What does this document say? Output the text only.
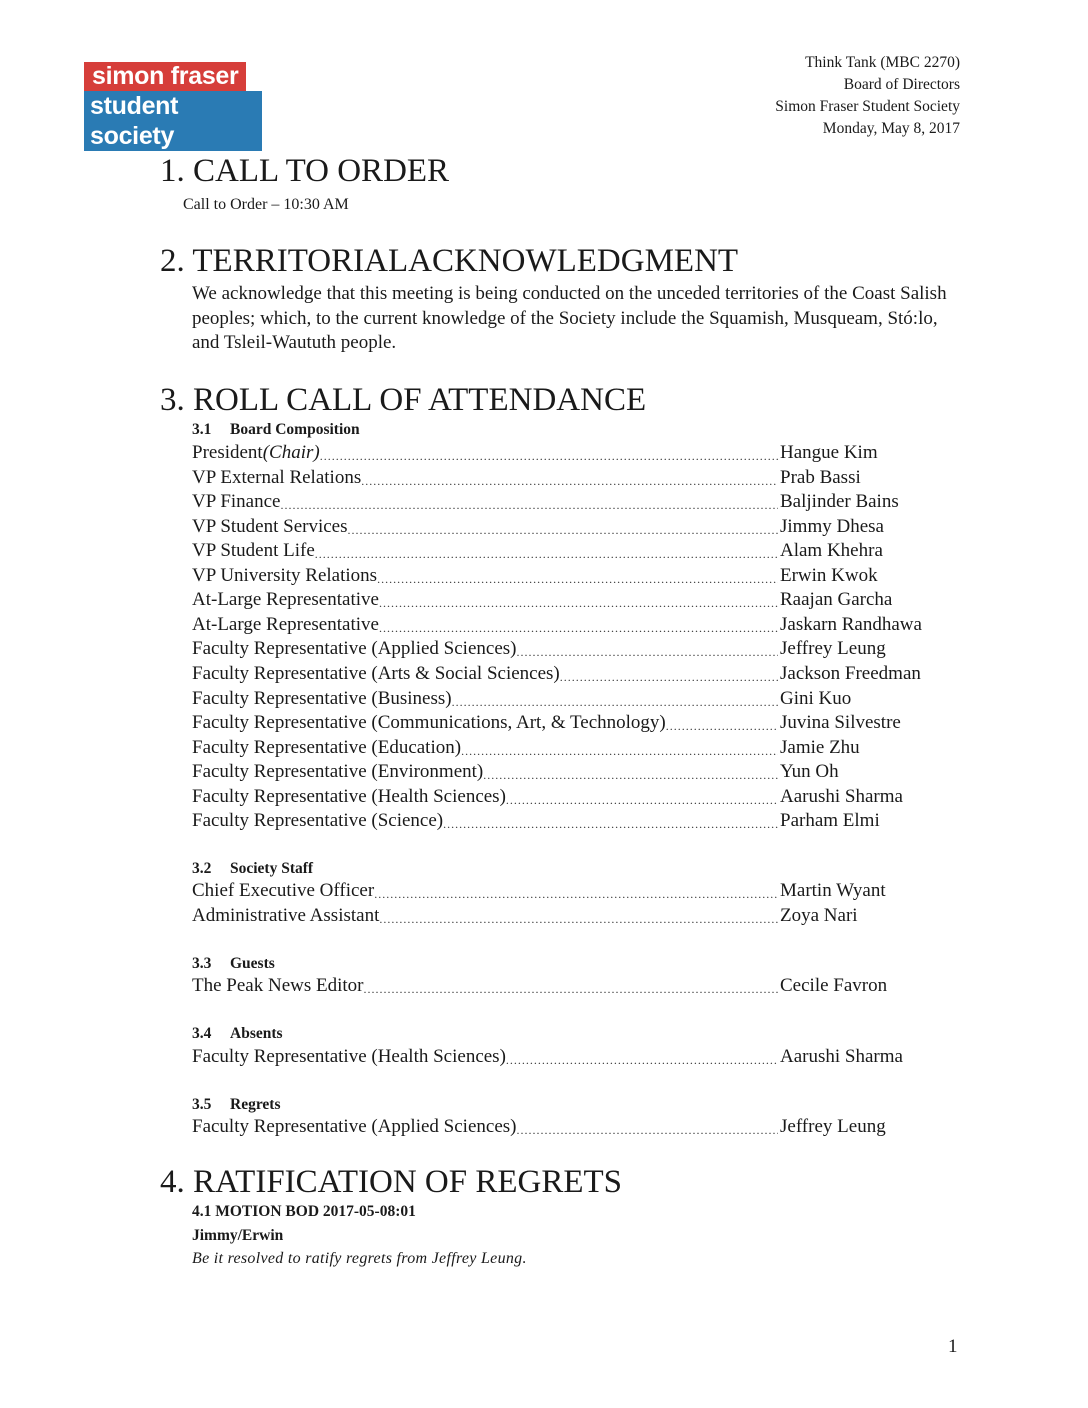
simon fraser
student society
Think Tank (MBC 2270)
Board of Directors
Simon Fraser Student Society
Monday, May 8, 2017
1. CALL TO ORDER
Call to Order – 10:30 AM
2. TERRITORIALACKNOWLEDGMENT
We acknowledge that this meeting is being conducted on the unceded territories of the Coast Salish peoples; which, to the current knowledge of the Society include the Squamish, Musqueam, Stó:lo, and Tsleil-Waututh people.
3. ROLL CALL OF ATTENDANCE
3.1 Board Composition
President (Chair) .....	Hangue Kim
VP External Relations .....	Prab Bassi
VP Finance .....	Baljinder Bains
VP Student Services .....	Jimmy Dhesa
VP Student Life .....	Alam Khehra
VP University Relations .....	Erwin Kwok
At-Large Representative .....	Raajan Garcha
At-Large Representative .....	Jaskarn Randhawa
Faculty Representative (Applied Sciences) .....	Jeffrey Leung
Faculty Representative (Arts & Social Sciences) .....	Jackson Freedman
Faculty Representative (Business) .....	Gini Kuo
Faculty Representative (Communications, Art, & Technology) .....	Juvina Silvestre
Faculty Representative (Education) .....	Jamie Zhu
Faculty Representative (Environment) .....	Yun Oh
Faculty Representative (Health Sciences) .....	Aarushi Sharma
Faculty Representative (Science) .....	Parham Elmi
3.2 Society Staff
Chief Executive Officer .....	Martin Wyant
Administrative Assistant .....	Zoya Nari
3.3 Guests
The Peak News Editor .....	Cecile Favron
3.4 Absents
Faculty Representative (Health Sciences) .....	Aarushi Sharma
3.5 Regrets
Faculty Representative (Applied Sciences) .....	Jeffrey Leung
4. RATIFICATION OF REGRETS
4.1 MOTION BOD 2017-05-08:01
Jimmy/Erwin
Be it resolved to ratify regrets from Jeffrey Leung.
1
